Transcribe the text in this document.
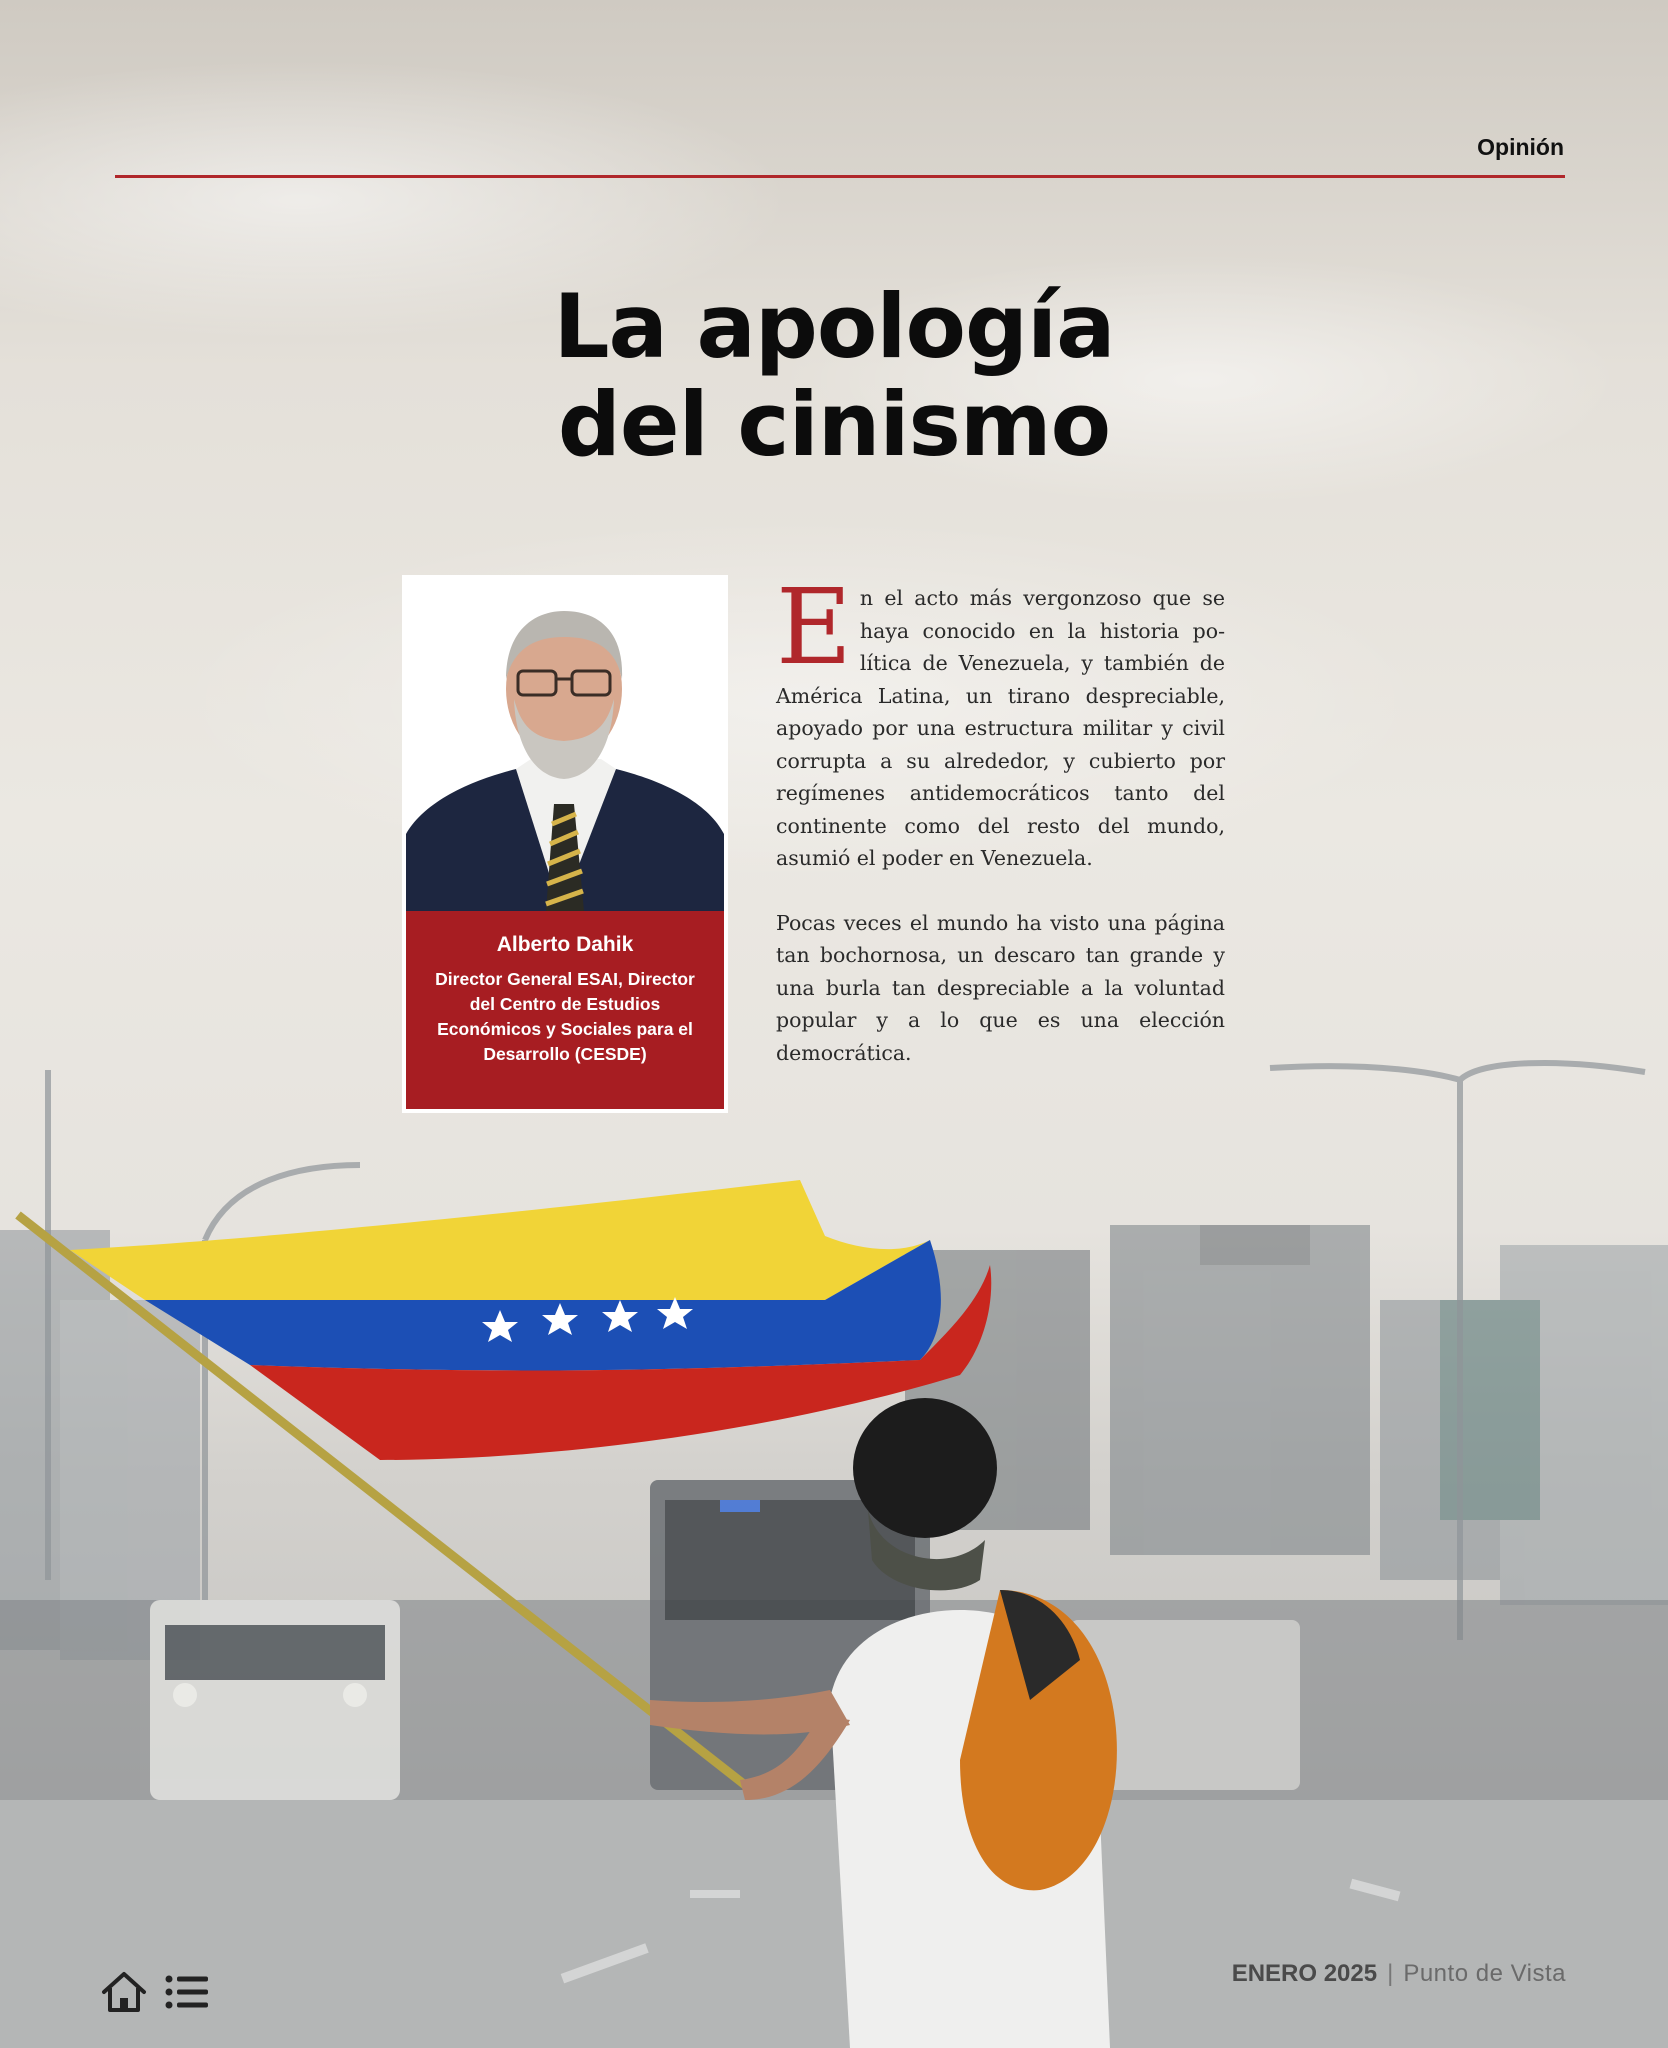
Opinión
La apología
del cinismo
Alberto Dahik
Director General ESAI, Director del Centro de Estudios Económicos y Sociales para el Desarrollo (CESDE)

En el acto más vergonzoso que se haya conocido en la historia política de Venezuela, y también de América Latina, un tirano despreciable, apoyado por una estructura militar y civil corrupta a su alrededor, y cubierto por regímenes antidemocráticos tanto del continente como del resto del mundo, asumió el poder en Venezuela.

Pocas veces el mundo ha visto una página tan bochornosa, un descaro tan grande y una burla tan despreciable a la voluntad popular y a lo que es una elección democrática.

ENERO 2025 | Punto de Vista
